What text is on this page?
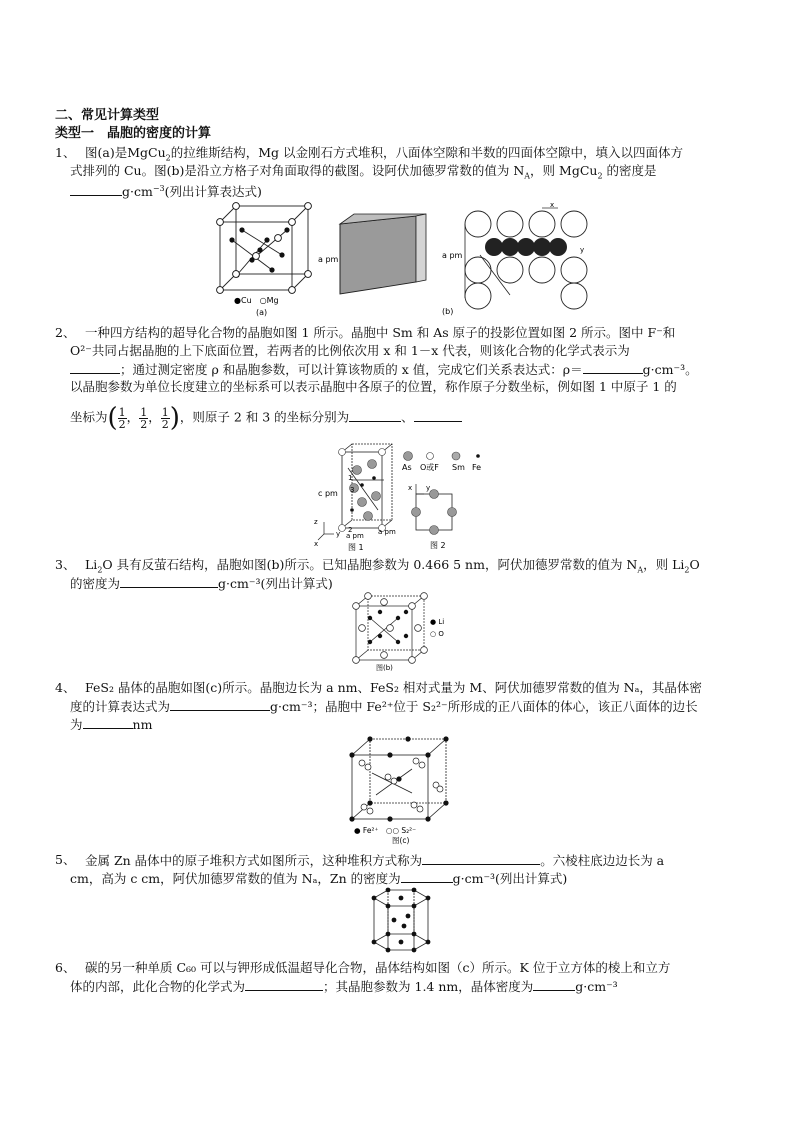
二、常见计算类型
类型一　晶胞的密度的计算
1、 图(a)是MgCu$_2$的拉维斯结构，Mg 以金刚石方式堆积，八面体空隙和半数的四面体空隙中，填入以四面体方
式排列的 Cu。图(b)是沿立方格子对角面取得的截图。设阿伏加德罗常数的值为 $N_A$，则 MgCu$_2$ 的密度是
$g\cdot cm^{-3}$(列出计算表达式)
●Cu　○Mg
(a)
a pm
x
y
a pm
(b)
2、 一种四方结构的超导化合物的晶胞如图 1 所示。晶胞中 Sm 和 As 原子的投影位置如图 2 所示。图中 F⁻和
O²⁻共同占据晶胞的上下底面位置，若两者的比例依次用 x 和 1－x 代表，则该化合物的化学式表示为
；通过测定密度 ρ 和晶胞参数，可以计算该物质的 x 值，完成它们关系表达式：ρ＝	g·cm⁻³。
以晶胞参数为单位长度建立的坐标系可以表示晶胞中各原子的位置，称作原子分数坐标，例如图 1 中原子 1 的
坐标为( $\frac{1}{2}$ ， $\frac{1}{2}$ ， $\frac{1}{2}$ )，则原子 2 和 3 的坐标分别为	、
c pm
a pm a pm
1
2
3
z
y
x	图 1
As O或F Sm Fe
y
x
图 2
3、 $Li_2O$ 具有反萤石结构，晶胞如图(b)所示。已知晶胞参数为 0.466 5 nm，阿伏加德罗常数的值为 $N_A$，则 $Li_2O$
的密度为	g·cm⁻³(列出计算式)
● Li
○ O
图(b)
4、 FeS₂ 晶体的晶胞如图(c)所示。晶胞边长为 a nm、FeS₂ 相对式量为 M、阿伏加德罗常数的值为 Nₐ，其晶体密
度的计算表达式为	g·cm⁻³；晶胞中 Fe²⁺位于 S₂²⁻所形成的正八面体的体心，该正八面体的边长
为	nm
● Fe²⁺　○○ S₂²⁻
图(c)
5、 金属 Zn 晶体中的原子堆积方式如图所示，这种堆积方式称为	。六棱柱底边边长为 a
cm，高为 c cm，阿伏加德罗常数的值为 Nₐ，Zn 的密度为	g·cm⁻³(列出计算式)
6、 碳的另一种单质 C₆₀ 可以与钾形成低温超导化合物，晶体结构如图（c）所示。K 位于立方体的棱上和立方
体的内部，此化合物的化学式为	；其晶胞参数为 1.4 nm，晶体密度为	g·cm⁻³
